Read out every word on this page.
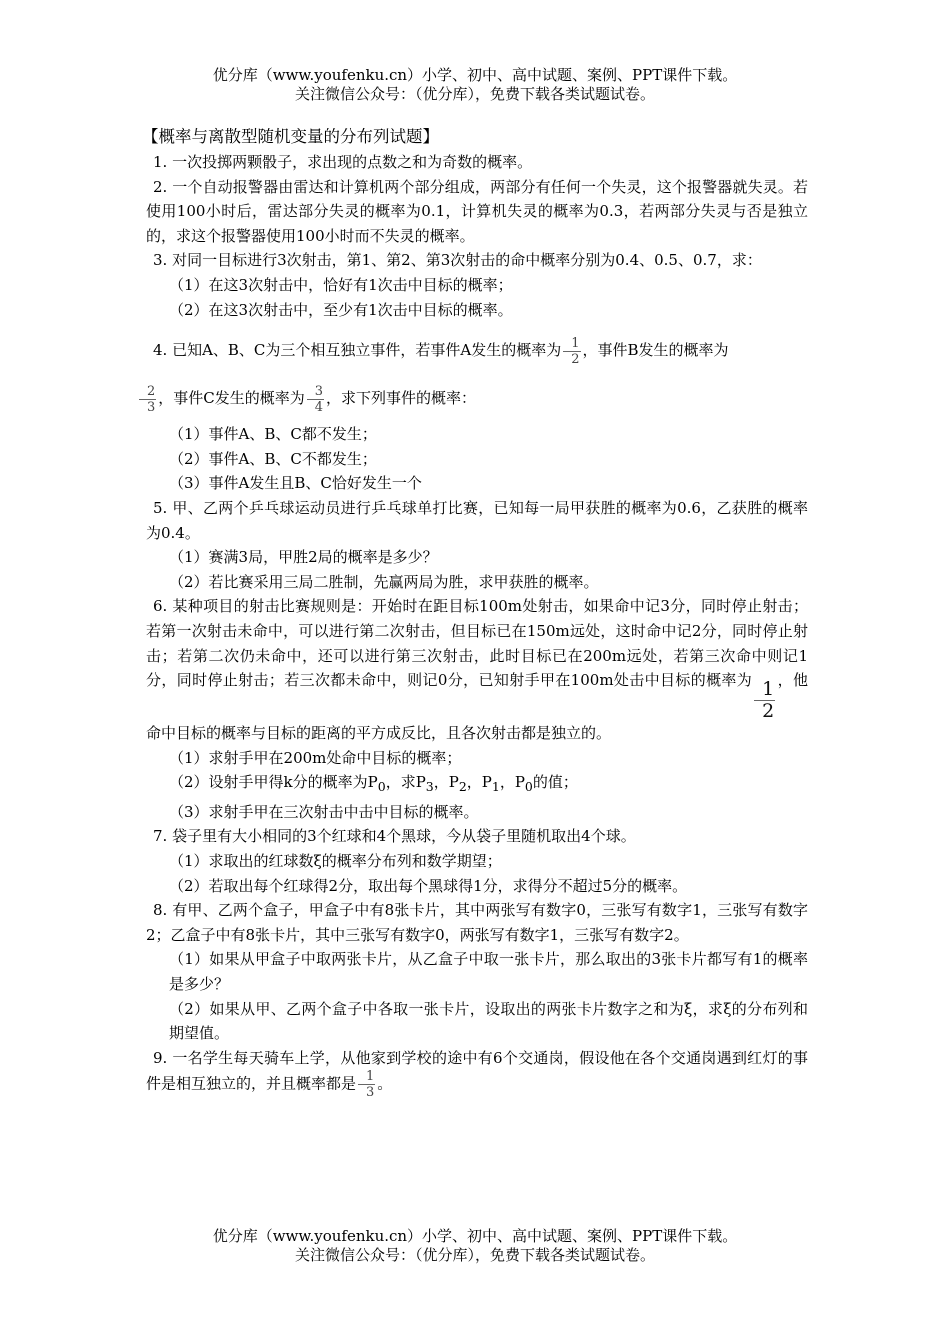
优分库（www.youfenku.cn）小学、初中、高中试题、案例、PPT课件下载。
关注微信公众号：（优分库），免费下载各类试题试卷。
【概率与离散型随机变量的分布列试题】
1. 一次投掷两颗骰子，求出现的点数之和为奇数的概率。
2. 一个自动报警器由雷达和计算机两个部分组成，两部分有任何一个失灵，这个报警器就失灵。若使用100小时后，雷达部分失灵的概率为0.1，计算机失灵的概率为0.3，若两部分失灵与否是独立的，求这个报警器使用100小时而不失灵的概率。
3. 对同一目标进行3次射击，第1、第2、第3次射击的命中概率分别为0.4、0.5、0.7，求：
（1）在这3次射击中，恰好有1次击中目标的概率；
（2）在这3次射击中，至少有1次击中目标的概率。
4. 已知A、B、C为三个相互独立事件，若事件A发生的概率为 $\frac{1}{2}$ ，事件B发生的概率为

$\frac{2}{3}$ ，事件C发生的概率为 $\frac{3}{4}$ ，求下列事件的概率：
（1）事件A、B、C都不发生；
（2）事件A、B、C不都发生；
（3）事件A发生且B、C恰好发生一个
5. 甲、乙两个乒乓球运动员进行乒乓球单打比赛，已知每一局甲获胜的概率为0.6，乙获胜的概率为0.4。
（1）赛满3局，甲胜2局的概率是多少？
（2）若比赛采用三局二胜制，先赢两局为胜，求甲获胜的概率。
6. 某种项目的射击比赛规则是：开始时在距目标100m处射击，如果命中记3分，同时停止射击；若第一次射击未命中，可以进行第二次射击，但目标已在150m远处，这时命中记2分，同时停止射击；若第二次仍未命中，还可以进行第三次射击，此时目标已在200m远处，若第三次命中则记1分，同时停止射击；若三次都未命中，则记0分，已知射手甲在100m处击中目标的概率为 $\frac{1}{2}$ ，他命中目标的概率与目标的距离的平方成反比，且各次射击都是独立的。
（1）求射手甲在200m处命中目标的概率；
（2）设射手甲得k分的概率为$P_0$，求$P_3$，$P_2$，$P_1$，$P_0$的值；
（3）求射手甲在三次射击中击中目标的概率。
7. 袋子里有大小相同的3个红球和4个黑球，今从袋子里随机取出4个球。
（1）求取出的红球数ξ的概率分布列和数学期望；
（2）若取出每个红球得2分，取出每个黑球得1分，求得分不超过5分的概率。
8. 有甲、乙两个盒子，甲盒子中有8张卡片，其中两张写有数字0，三张写有数字1，三张写有数字2；乙盒子中有8张卡片，其中三张写有数字0，两张写有数字1，三张写有数字2。
（1）如果从甲盒子中取两张卡片，从乙盒子中取一张卡片，那么取出的3张卡片都写有1的概率是多少？
（2）如果从甲、乙两个盒子中各取一张卡片，设取出的两张卡片数字之和为ξ，求ξ的分布列和期望值。
9. 一名学生每天骑车上学，从他家到学校的途中有6个交通岗，假设他在各个交通岗遇到红灯的事件是相互独立的，并且概率都是 $\frac{1}{3}$ 。
优分库（www.youfenku.cn）小学、初中、高中试题、案例、PPT课件下载。
关注微信公众号：（优分库），免费下载各类试题试卷。
